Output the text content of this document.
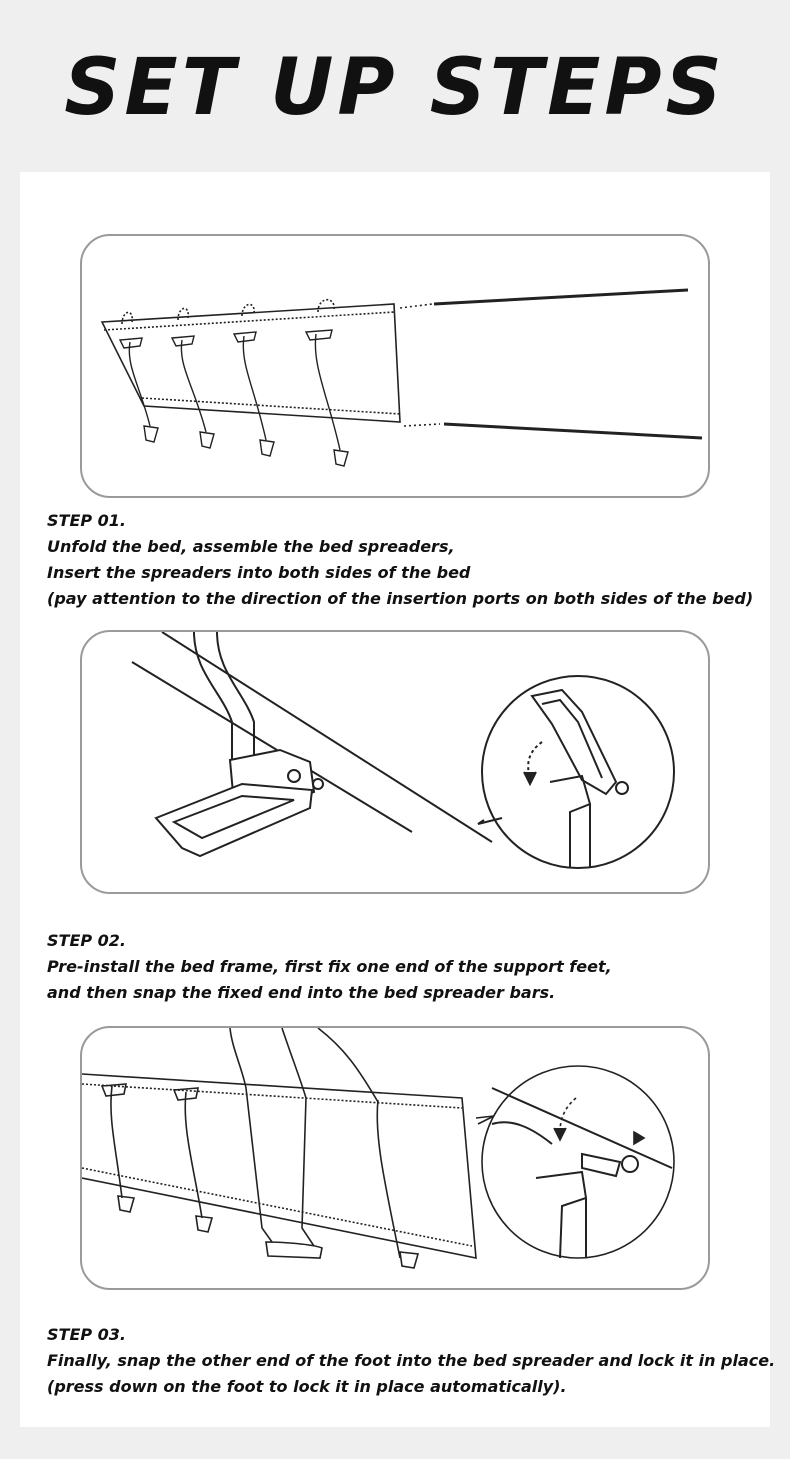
SET UP STEPS
STEP 01.
Unfold the bed, assemble the bed spreaders,
Insert the spreaders into both sides of the bed
(pay attention to the direction of the insertion ports on both sides of the bed)
STEP 02.
Pre-install the bed frame, first fix one end of the support feet,
and then snap the fixed end into the bed spreader bars.
STEP 03.
Finally, snap the other end of the foot into the bed spreader and lock it in place.
(press down on the foot to lock it in place automatically).
